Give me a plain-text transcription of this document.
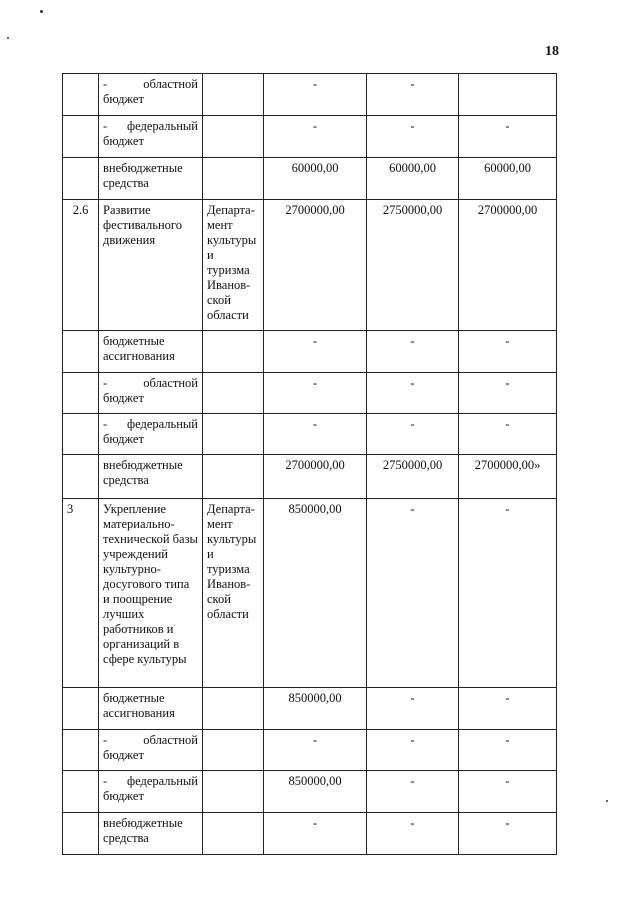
18
	- областной бюджет		-	-	
	- федеральный бюджет		-	-	-
	внебюджетные средства		60000,00	60000,00	60000,00
2.6	Развитие фестивального движения	Департа-мент культуры и туризма Иванов-ской области	2700000,00	2750000,00	2700000,00
	бюджетные ассигнования		-	-	-
	- областной бюджет		-	-	-
	- федеральный бюджет		-	-	-
	внебюджетные средства		2700000,00	2750000,00	2700000,00»
3	Укрепление материально-технической базы учреждений культурно-досугового типа и поощрение лучших работников и организаций в сфере культуры	Департа-мент культуры и туризма Иванов-ской области	850000,00	-	-
	бюджетные ассигнования		850000,00	-	-
	- областной бюджет		-	-	-
	- федеральный бюджет		850000,00	-	-
	внебюджетные средства		-	-	-
